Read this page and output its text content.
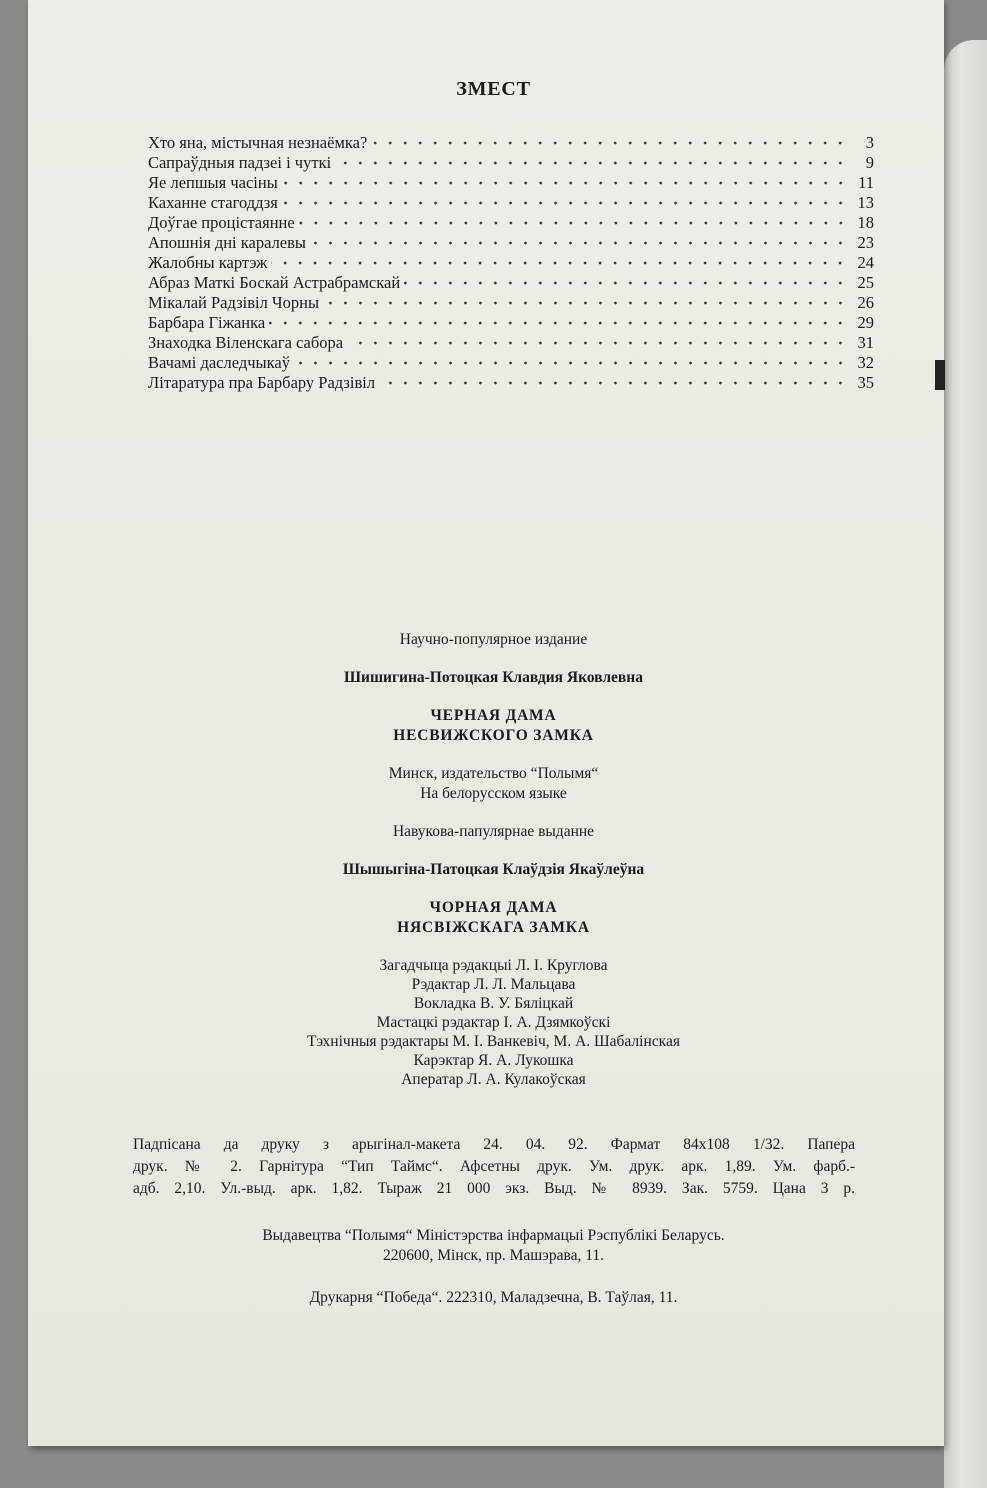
ЗМЕСТ
Хто яна, містычная незнаёмка?	3
Сапраўдныя падзеі і чуткі	9
Яе лепшыя часіны	11
Каханне стагоддзя	13
Доўгае процістаянне	18
Апошнія дні каралевы	23
Жалобны картэж	24
Абраз Маткі Боскай Астрабрамскай	25
Мікалай Радзівіл Чорны	26
Барбара Гіжанка	29
Знаходка Віленскага сабора	31
Вачамі даследчыкаў	32
Літаратура пра Барбару Радзівіл	35
Научно-популярное издание
Шишигина-Потоцкая Клавдия Яковлевна
ЧЕРНАЯ ДАМА
НЕСВИЖСКОГО ЗАМКА
Минск, издательство “Полымя“
На белорусском языке
Навукова-папулярнае выданне
Шышыгіна-Патоцкая Клаўдзія Якаўлеўна
ЧОРНАЯ ДАМА
НЯСВІЖСКАГА ЗАМКА
Загадчыца рэдакцыі Л. І. Круглова
Рэдактар Л. Л. Мальцава
Вокладка В. У. Бяліцкай
Мастацкі рэдактар І. А. Дзямкоўскі
Тэхнічныя рэдактары М. І. Ванкевіч, М. А. Шабалінская
Карэктар Я. А. Лукошка
Аператар Л. А. Кулакоўская
Падпісана да друку з арыгінал-макета 24. 04. 92. Фармат 84х108 1/32. Папера
друк. № 2. Гарнітура “Тип Таймс“. Афсетны друк. Ум. друк. арк. 1,89. Ум. фарб.-
адб. 2,10. Ул.-выд. арк. 1,82. Тыраж 21 000 экз. Выд. № 8939. Зак. 5759. Цана 3 р.
Выдавецтва “Полымя“ Міністэрства інфармацыі Рэспублікі Беларусь.
220600, Мінск, пр. Машэрава, 11.
Друкарня “Победа“. 222310, Маладзечна, В. Таўлая, 11.
